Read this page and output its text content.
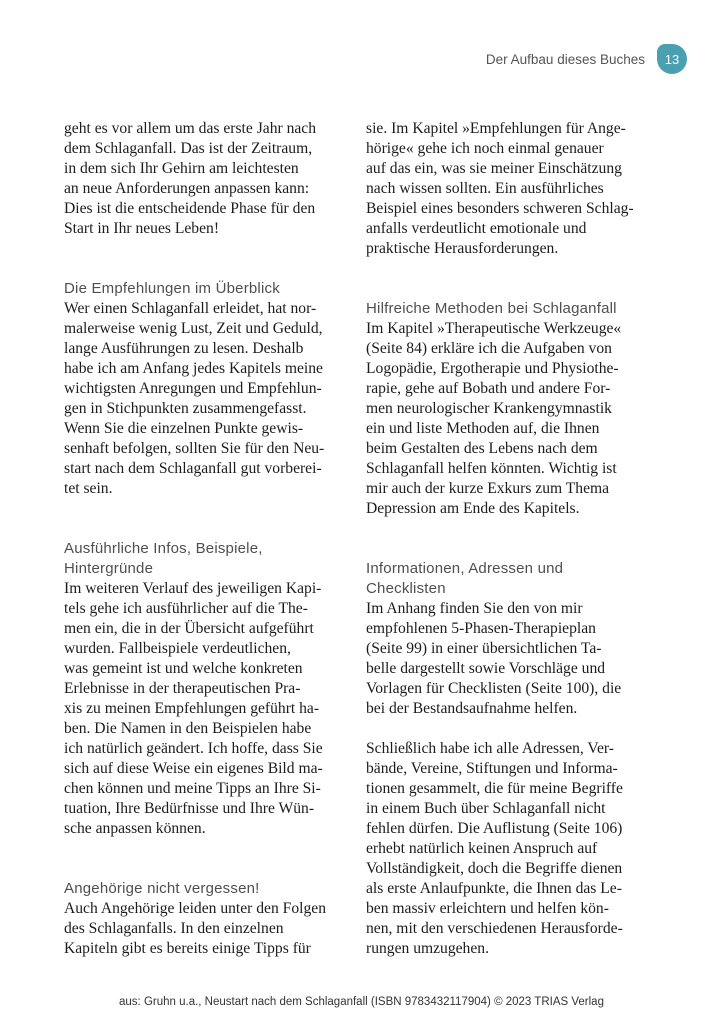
Der Aufbau dieses Buches	13

geht es vor allem um das erste Jahr nach
dem Schlaganfall. Das ist der Zeitraum,
in dem sich Ihr Gehirn am leichtesten
an neue Anforderungen anpassen kann:
Dies ist die entscheidende Phase für den
Start in Ihr neues Leben!

Die Empfehlungen im Überblick

Wer einen Schlaganfall erleidet, hat nor-
malerweise wenig Lust, Zeit und Geduld,
lange Ausführungen zu lesen. Deshalb
habe ich am Anfang jedes Kapitels meine
wichtigsten Anregungen und Empfehlun-
gen in Stichpunkten zusammengefasst.
Wenn Sie die einzelnen Punkte gewis-
senhaft befolgen, sollten Sie für den Neu-
start nach dem Schlaganfall gut vorberei-
tet sein.

Ausführliche Infos, Beispiele,
Hintergründe

Im weiteren Verlauf des jeweiligen Kapi-
tels gehe ich ausführlicher auf die The-
men ein, die in der Übersicht aufgeführt
wurden. Fallbeispiele verdeutlichen,
was gemeint ist und welche konkreten
Erlebnisse in der therapeutischen Pra-
xis zu meinen Empfehlungen geführt ha-
ben. Die Namen in den Beispielen habe
ich natürlich geändert. Ich hoffe, dass Sie
sich auf diese Weise ein eigenes Bild ma-
chen können und meine Tipps an Ihre Si-
tuation, Ihre Bedürfnisse und Ihre Wün-
sche anpassen können.

Angehörige nicht vergessen!

Auch Angehörige leiden unter den Folgen
des Schlaganfalls. In den einzelnen
Kapiteln gibt es bereits einige Tipps für

sie. Im Kapitel »Empfehlungen für Ange-
hörige« gehe ich noch einmal genauer
auf das ein, was sie meiner Einschätzung
nach wissen sollten. Ein ausführliches
Beispiel eines besonders schweren Schlag-
anfalls verdeutlicht emotionale und
praktische Herausforderungen.

Hilfreiche Methoden bei Schlaganfall

Im Kapitel »Therapeutische Werkzeuge«
(Seite 84) erkläre ich die Aufgaben von
Logopädie, Ergotherapie und Physiothe-
rapie, gehe auf Bobath und andere For-
men neurologischer Krankengymnastik
ein und liste Methoden auf, die Ihnen
beim Gestalten des Lebens nach dem
Schlaganfall helfen könnten. Wichtig ist
mir auch der kurze Exkurs zum Thema
Depression am Ende des Kapitels.

Informationen, Adressen und
Checklisten

Im Anhang finden Sie den von mir
empfohlenen 5-Phasen-Therapieplan
(Seite 99) in einer übersichtlichen Ta-
belle dargestellt sowie Vorschläge und
Vorlagen für Checklisten (Seite 100), die
bei der Bestandsaufnahme helfen.

Schließlich habe ich alle Adressen, Ver-
bände, Vereine, Stiftungen und Informa-
tionen gesammelt, die für meine Begriffe
in einem Buch über Schlaganfall nicht
fehlen dürfen. Die Auflistung (Seite 106)
erhebt natürlich keinen Anspruch auf
Vollständigkeit, doch die Begriffe dienen
als erste Anlaufpunkte, die Ihnen das Le-
ben massiv erleichtern und helfen kön-
nen, mit den verschiedenen Herausforde-
rungen umzugehen.

aus: Gruhn u.a., Neustart nach dem Schlaganfall (ISBN 9783432117904) © 2023 TRIAS Verlag
